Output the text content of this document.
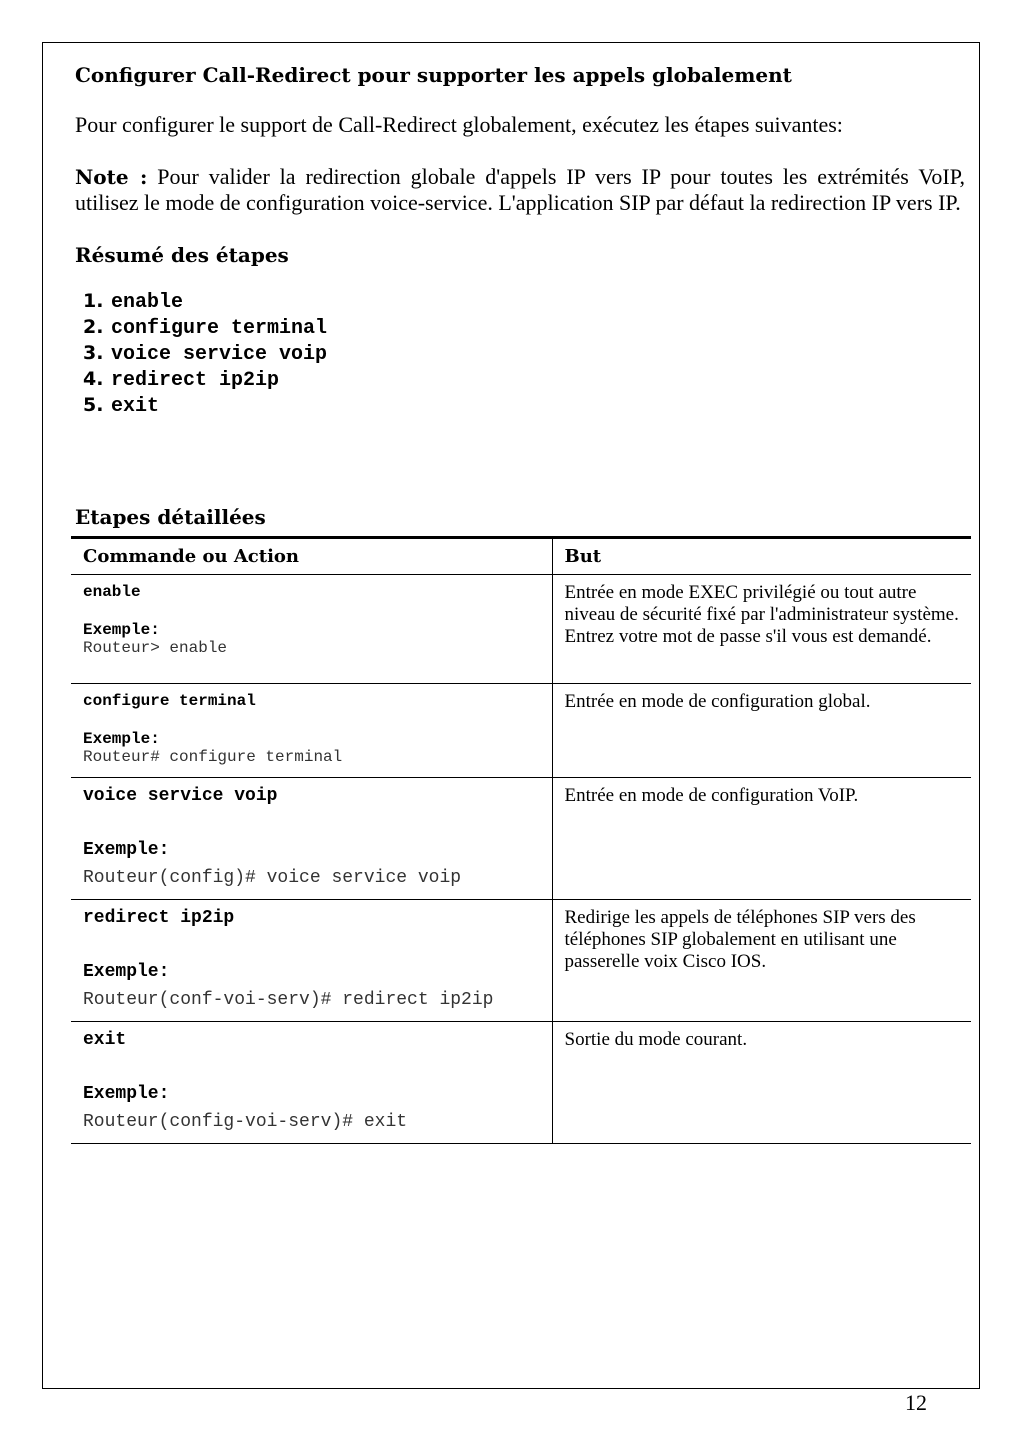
Configurer Call-Redirect pour supporter les appels globalement

Pour configurer le support de Call-Redirect globalement, exécutez les étapes suivantes:

Note : Pour valider la redirection globale d'appels IP vers IP pour toutes les extrémités VoIP, utilisez le mode de configuration voice-service. L'application SIP par défaut la redirection IP vers IP.

Résumé des étapes
1. enable
2. configure terminal
3. voice service voip
4. redirect ip2ip
5. exit
Etapes détaillées
Commande ou Action	But

enable
Exemple:
Routeur> enable	Entrée en mode EXEC privilégié ou tout autre niveau de sécurité fixé par l'administrateur système. Entrez votre mot de passe s'il vous est demandé.

configure terminal
Exemple:
Routeur# configure terminal	Entrée en mode de configuration global.

voice service voip
Exemple:
Routeur(config)# voice service voip	Entrée en mode de configuration VoIP.

redirect ip2ip
Exemple:
Routeur(conf-voi-serv)# redirect ip2ip	Redirige les appels de téléphones SIP vers des téléphones SIP globalement en utilisant une passerelle voix Cisco IOS.

exit
Exemple:
Routeur(config-voi-serv)# exit	Sortie du mode courant.
12
